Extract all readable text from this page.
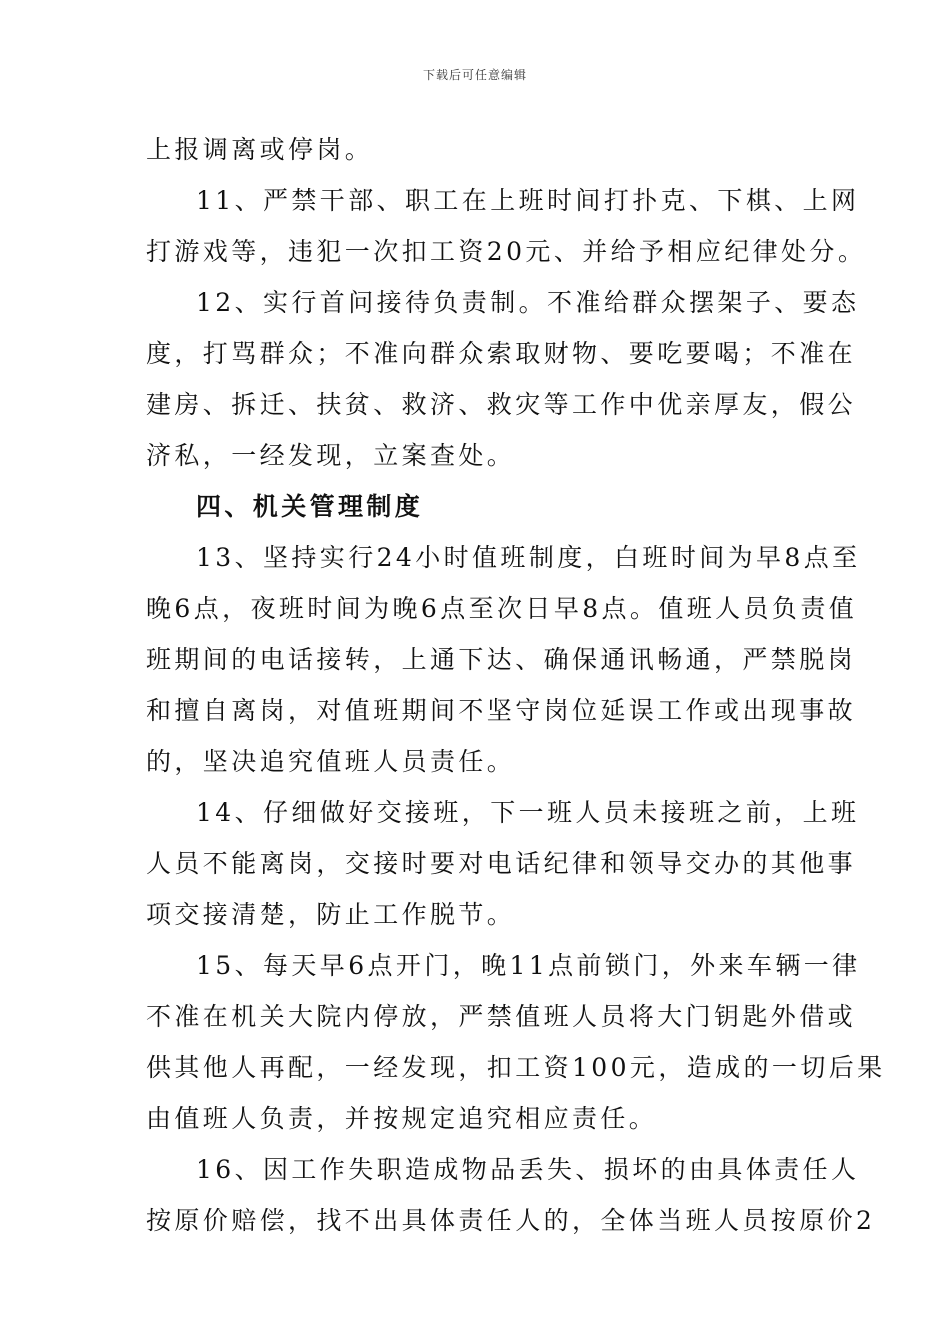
下载后可任意编辑
上报调离或停岗。
11、严禁干部、职工在上班时间打扑克、下棋、上网
打游戏等，违犯一次扣工资20元、并给予相应纪律处分。
12、实行首问接待负责制。不准给群众摆架子、要态
度，打骂群众；不准向群众索取财物、要吃要喝；不准在
建房、拆迁、扶贫、救济、救灾等工作中优亲厚友，假公
济私，一经发现，立案查处。
四、机关管理制度
13、坚持实行24小时值班制度，白班时间为早8点至
晚6点，夜班时间为晚6点至次日早8点。值班人员负责值
班期间的电话接转，上通下达、确保通讯畅通，严禁脱岗
和擅自离岗，对值班期间不坚守岗位延误工作或出现事故
的，坚决追究值班人员责任。
14、仔细做好交接班，下一班人员未接班之前，上班
人员不能离岗，交接时要对电话纪律和领导交办的其他事
项交接清楚，防止工作脱节。
15、每天早6点开门，晚11点前锁门，外来车辆一律
不准在机关大院内停放，严禁值班人员将大门钥匙外借或
供其他人再配，一经发现，扣工资100元，造成的一切后果
由值班人负责，并按规定追究相应责任。
16、因工作失职造成物品丢失、损坏的由具体责任人
按原价赔偿，找不出具体责任人的，全体当班人员按原价2
